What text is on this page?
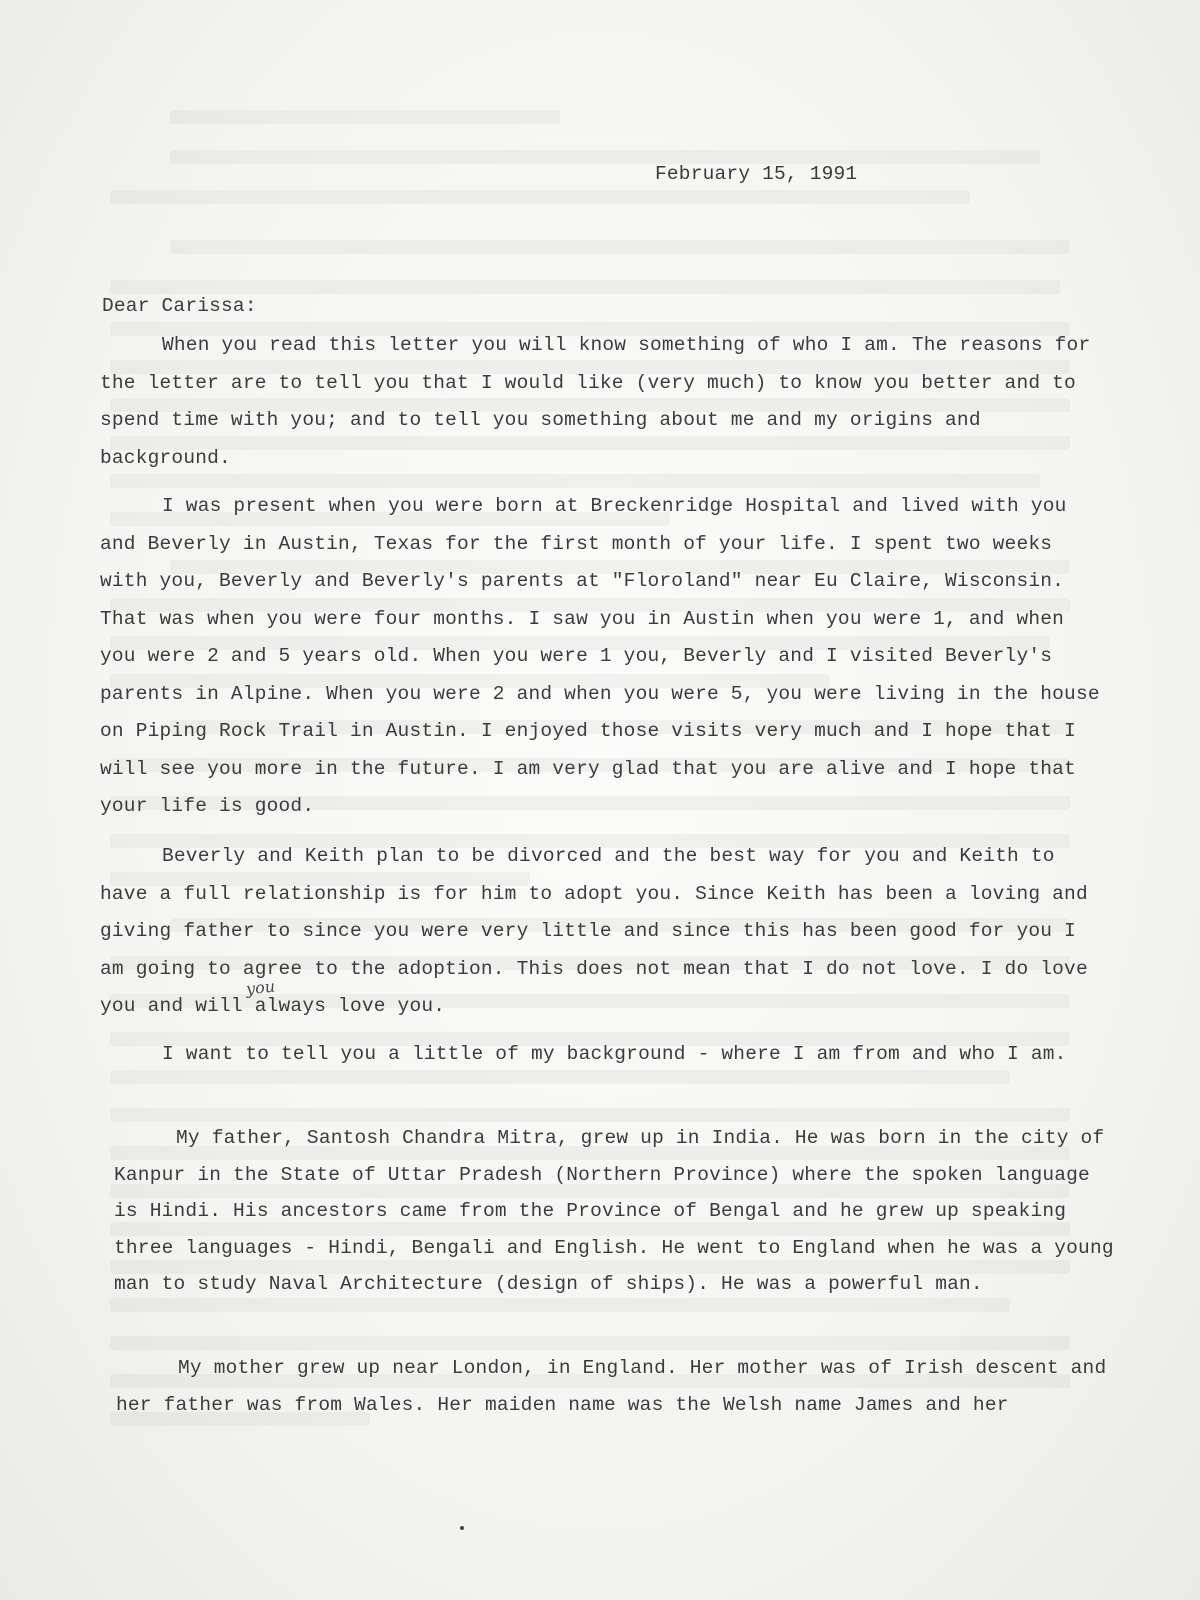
February 15, 1991
Dear Carissa:

When you read this letter you will know something of who I am. The reasons for the letter are to tell you that I would like (very much) to know you better and to spend time with you; and to tell you something about me and my origins and background.

I was present when you were born at Breckenridge Hospital and lived with you and Beverly in Austin, Texas for the first month of your life. I spent two weeks with you, Beverly and Beverly's parents at "Floroland" near Eu Claire, Wisconsin. That was when you were four months. I saw you in Austin when you were 1, and when you were 2 and 5 years old. When you were 1 you, Beverly and I visited Beverly's parents in Alpine. When you were 2 and when you were 5, you were living in the house on Piping Rock Trail in Austin. I enjoyed those visits very much and I hope that I will see you more in the future. I am very glad that you are alive and I hope that your life is good.

Beverly and Keith plan to be divorced and the best way for you and Keith to have a full relationship is for him to adopt you. Since Keith has been a loving and giving father to since you were very little and since this has been good for you I am going to agree to the adoption. This does not mean that I do not love. I do love you and will always love you.

I want to tell you a little of my background - where I am from and who I am.

My father, Santosh Chandra Mitra, grew up in India. He was born in the city of Kanpur in the State of Uttar Pradesh (Northern Province) where the spoken language is Hindi. His ancestors came from the Province of Bengal and he grew up speaking three languages - Hindi, Bengali and English. He went to England when he was a young man to study Naval Architecture (design of ships). He was a powerful man.

My mother grew up near London, in England. Her mother was of Irish descent and her father was from Wales. Her maiden name was the Welsh name James and her

you
